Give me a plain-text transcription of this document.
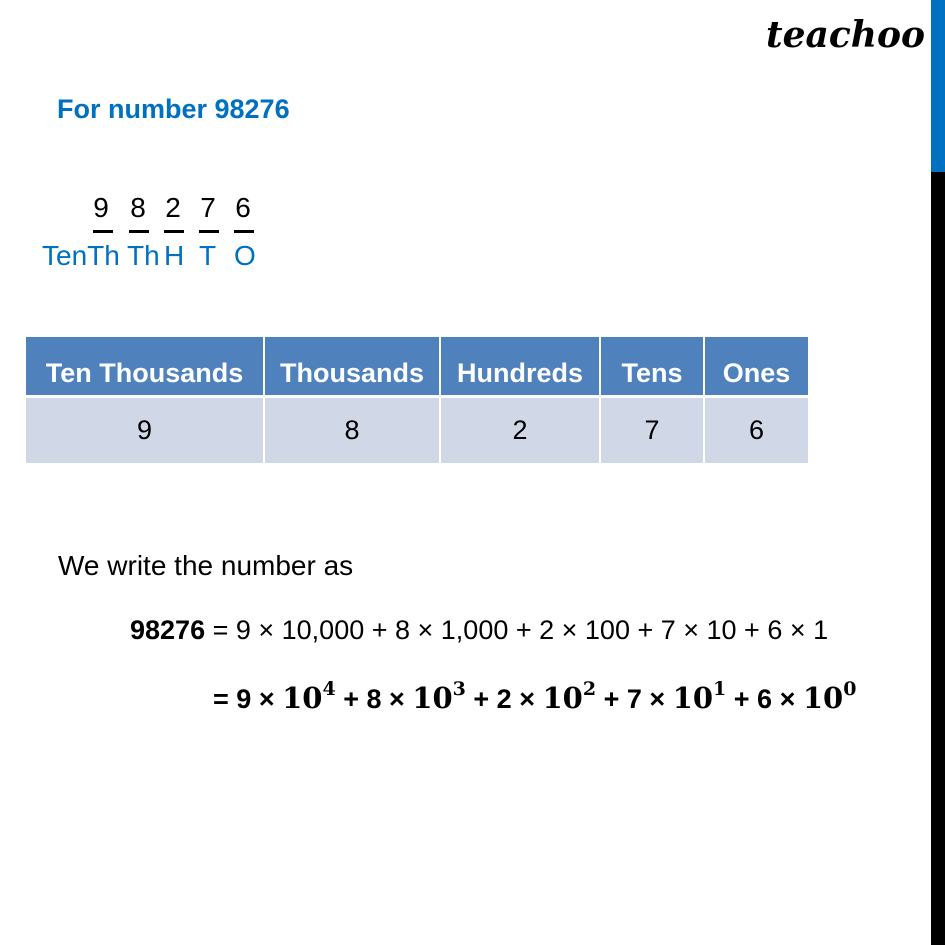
teachoo
For number 98276
9 8 2 7 6
TenTh Th H T O
Ten Thousands	Thousands	Hundreds	Tens	Ones
9	8	2	7	6
We write the number as
98276 = 9 × 10,000 + 8 × 1,000 + 2 × 100 + 7 × 10 + 6 × 1
= $9 \times 10^4 + 8 \times 10^3 + 2 \times 10^2 + 7 \times 10^1 + 6 \times 10^0$
